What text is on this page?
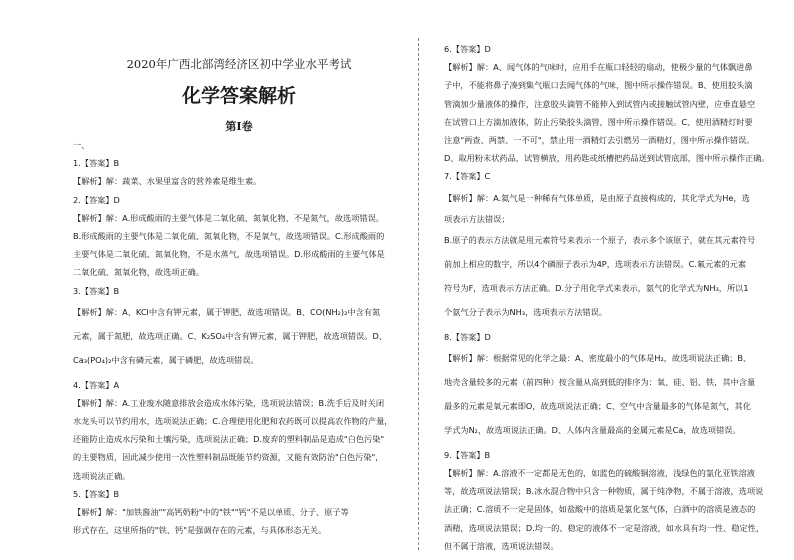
2020年广西北部湾经济区初中学业水平考试
化学答案解析
第Ⅰ卷
一、
1.【答案】B
【解析】解：蔬菜、水果里富含的营养素是维生素。
2.【答案】D
【解析】解：A.形成酸雨的主要气体是二氧化硫、氮氧化物，不是氮气，故选项错误。
B.形成酸雨的主要气体是二氧化硫、氮氧化物，不是氧气，故选项错误。C.形成酸雨的
主要气体是二氧化硫、氮氧化物，不是水蒸气，故选项错误。D.形成酸雨的主要气体是
二氧化硫、氮氧化物，故选项正确。
3.【答案】B
【解析】解：A、KCl中含有钾元素，属于钾肥，故选项错误。B、CO(NH₂)₂中含有氮
元素，属于氮肥，故选项正确。C、K₂SO₄中含有钾元素，属于钾肥，故选项错误。D、
Ca₃(PO₄)₂中含有磷元素，属于磷肥，故选项错误。
4.【答案】A
【解析】解：A.工业废水随意排放会造成水体污染，选项说法错误；B.洗手后及时关闭
水龙头可以节约用水，选项说法正确；C.合理使用化肥和农药既可以提高农作物的产量，
还能防止造成水污染和土壤污染，选项说法正确；D.废弃的塑料制品是造成"白色污染"
的主要物质，因此减少使用一次性塑料制品既能节约资源，又能有效防治"白色污染"，
选项说法正确。
5.【答案】B
【解析】解："加铁酱油""高钙奶粉"中的"铁""钙"不是以单质、分子、原子等
形式存在，这里所指的"铁、钙"是强调存在的元素，与具体形态无关。
6.【答案】D
【解析】解：A、闻气体的气味时，应用手在瓶口轻轻的扇动，使极少量的气体飘进鼻
子中，不能将鼻子凑到集气瓶口去闻气体的气味，图中所示操作错误。B、使用胶头滴
管滴加少量液体的操作，注意胶头滴管不能伸入到试管内或接触试管内壁，应垂直悬空
在试管口上方滴加液体，防止污染胶头滴管，图中所示操作错误。C、使用酒精灯时要
注意"两查、两禁、一不可"，禁止用一酒精灯去引燃另一酒精灯，图中所示操作错误。
D、取用粉末状药品，试管横放，用药匙或纸槽把药品送到试管底部，图中所示操作正确。
7.【答案】C
【解析】解：A.氦气是一种稀有气体单质，是由原子直接构成的，其化学式为He，选
项表示方法错误；
B.原子的表示方法就是用元素符号来表示一个原子，表示多个该原子，就在其元素符号
前加上相应的数字，所以4个磷原子表示为4P，选项表示方法错误。C.氟元素的元素
符号为F，选项表示方法正确。D.分子用化学式来表示，氨气的化学式为NH₃，所以1
个氨气分子表示为NH₃，选项表示方法错误。
8.【答案】D
【解析】解：根据常见的化学之最：A、密度最小的气体是H₂，故选项说法正确；B、
地壳含量较多的元素（前四种）按含量从高到低的排序为：氧、硅、铝、铁，其中含量
最多的元素是氧元素即O，故选项说法正确；C、空气中含量最多的气体是氮气，其化
学式为N₂，故选项说法正确。D、人体内含量最高的金属元素是Ca，故选项错误。
9.【答案】B
【解析】解：A.溶液不一定都是无色的，如蓝色的硫酸铜溶液，浅绿色的氯化亚铁溶液
等，故选项说法错误；B.冰水混合物中只含一种物质，属于纯净物，不属于溶液，选项说
法正确；C.溶质不一定是固体，如盐酸中的溶质是氯化氢气体，白酒中的溶质是液态的
酒精，选项说法错误；D.均一的、稳定的液体不一定是溶液，如水具有均一性、稳定性，
但不属于溶液，选项说法错误。
